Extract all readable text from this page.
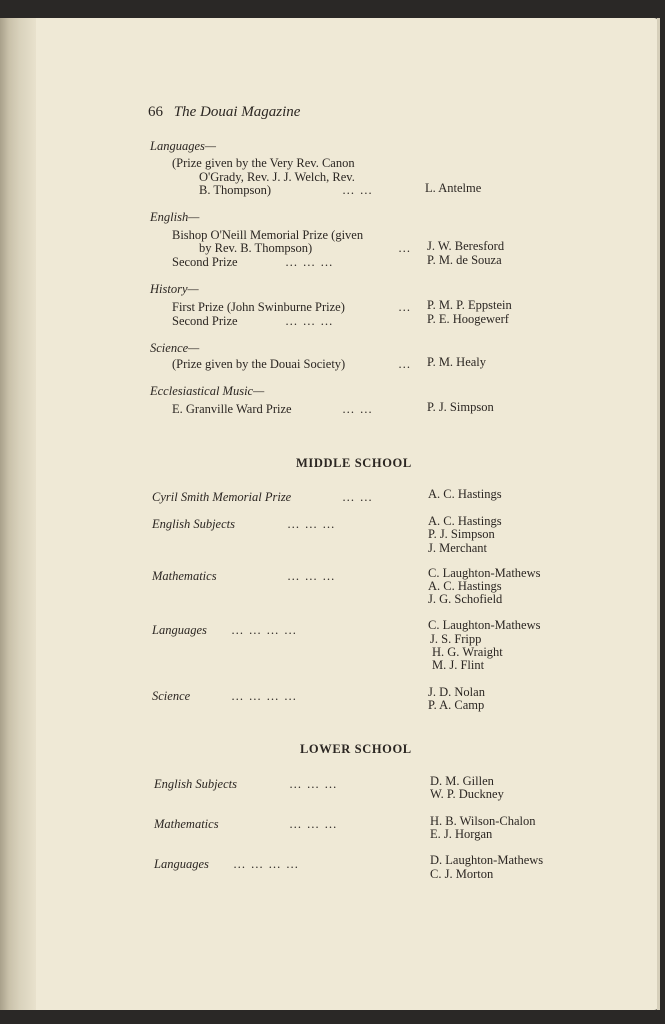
66 The Douai Magazine
Languages—
(Prize given by the Very Rev. Canon
O'Grady, Rev. J. J. Welch, Rev.
B. Thompson)	… …	L. Antelme
English—
Bishop O'Neill Memorial Prize (given
by Rev. B. Thompson)	… J. W. Beresford
Second Prize	… … …	P. M. de Souza
History—
First Prize (John Swinburne Prize)	… P. M. P. Eppstein
Second Prize	… … …	P. E. Hoogewerf
Science—
(Prize given by the Douai Society)	… P. M. Healy
Ecclesiastical Music—
E. Granville Ward Prize	… …	P. J. Simpson
MIDDLE SCHOOL
Cyril Smith Memorial Prize	… …	A. C. Hastings
English Subjects	… … …	A. C. Hastings
P. J. Simpson
J. Merchant
Mathematics	… … …	C. Laughton-Mathews
A. C. Hastings
J. G. Schofield
Languages … … … …	C. Laughton-Mathews
J. S. Fripp
H. G. Wraight
M. J. Flint
Science	… … … …	J. D. Nolan
P. A. Camp
LOWER SCHOOL
English Subjects	… … …	D. M. Gillen
W. P. Duckney
Mathematics	… … …	H. B. Wilson-Chalon
E. J. Horgan
Languages … … … …	D. Laughton-Mathews
C. J. Morton
